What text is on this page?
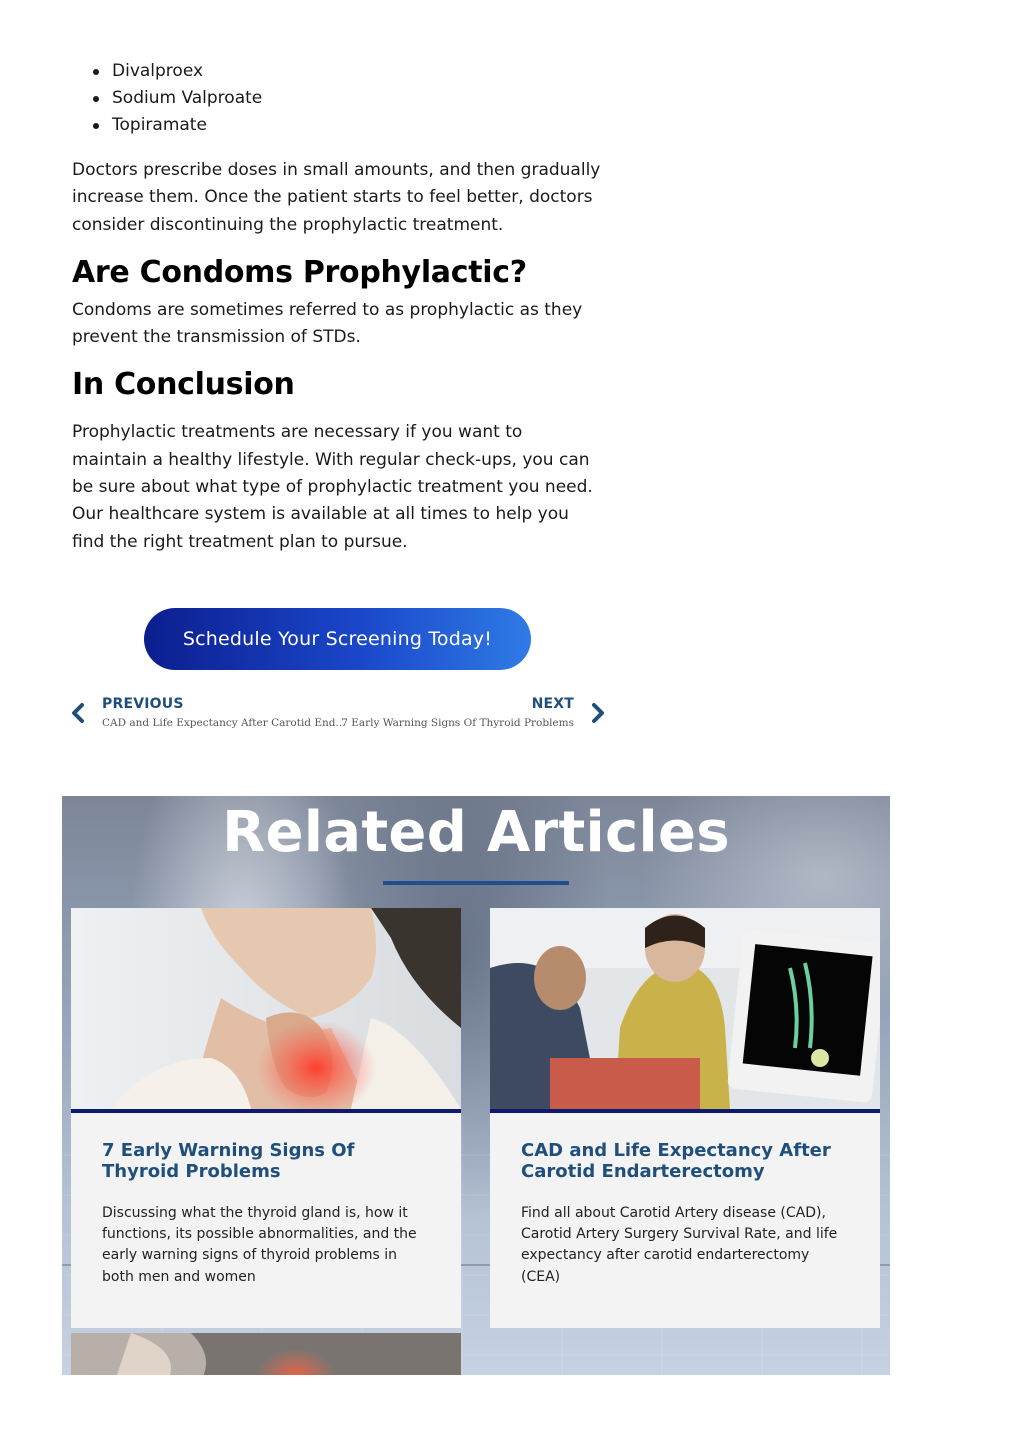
Divalproex
Sodium Valproate
Topiramate

Doctors prescribe doses in small amounts, and then gradually increase them. Once the patient starts to feel better, doctors consider discontinuing the prophylactic treatment.

Are Condoms Prophylactic?

Condoms are sometimes referred to as prophylactic as they prevent the transmission of STDs.

In Conclusion

Prophylactic treatments are necessary if you want to maintain a healthy lifestyle. With regular check-ups, you can be sure about what type of prophylactic treatment you need. Our healthcare system is available at all times to help you find the right treatment plan to pursue.

Schedule Your Screening Today!
PREVIOUS
CAD and Life Expectancy After Carotid End...
NEXT
7 Early Warning Signs Of Thyroid Problems
Related Articles
7 Early Warning Signs Of Thyroid Problems
Discussing what the thyroid gland is, how it functions, its possible abnormalities, and the early warning signs of thyroid problems in both men and women
CAD and Life Expectancy After Carotid Endarterectomy
Find all about Carotid Artery disease (CAD), Carotid Artery Surgery Survival Rate, and life expectancy after carotid endarterectomy (CEA)
